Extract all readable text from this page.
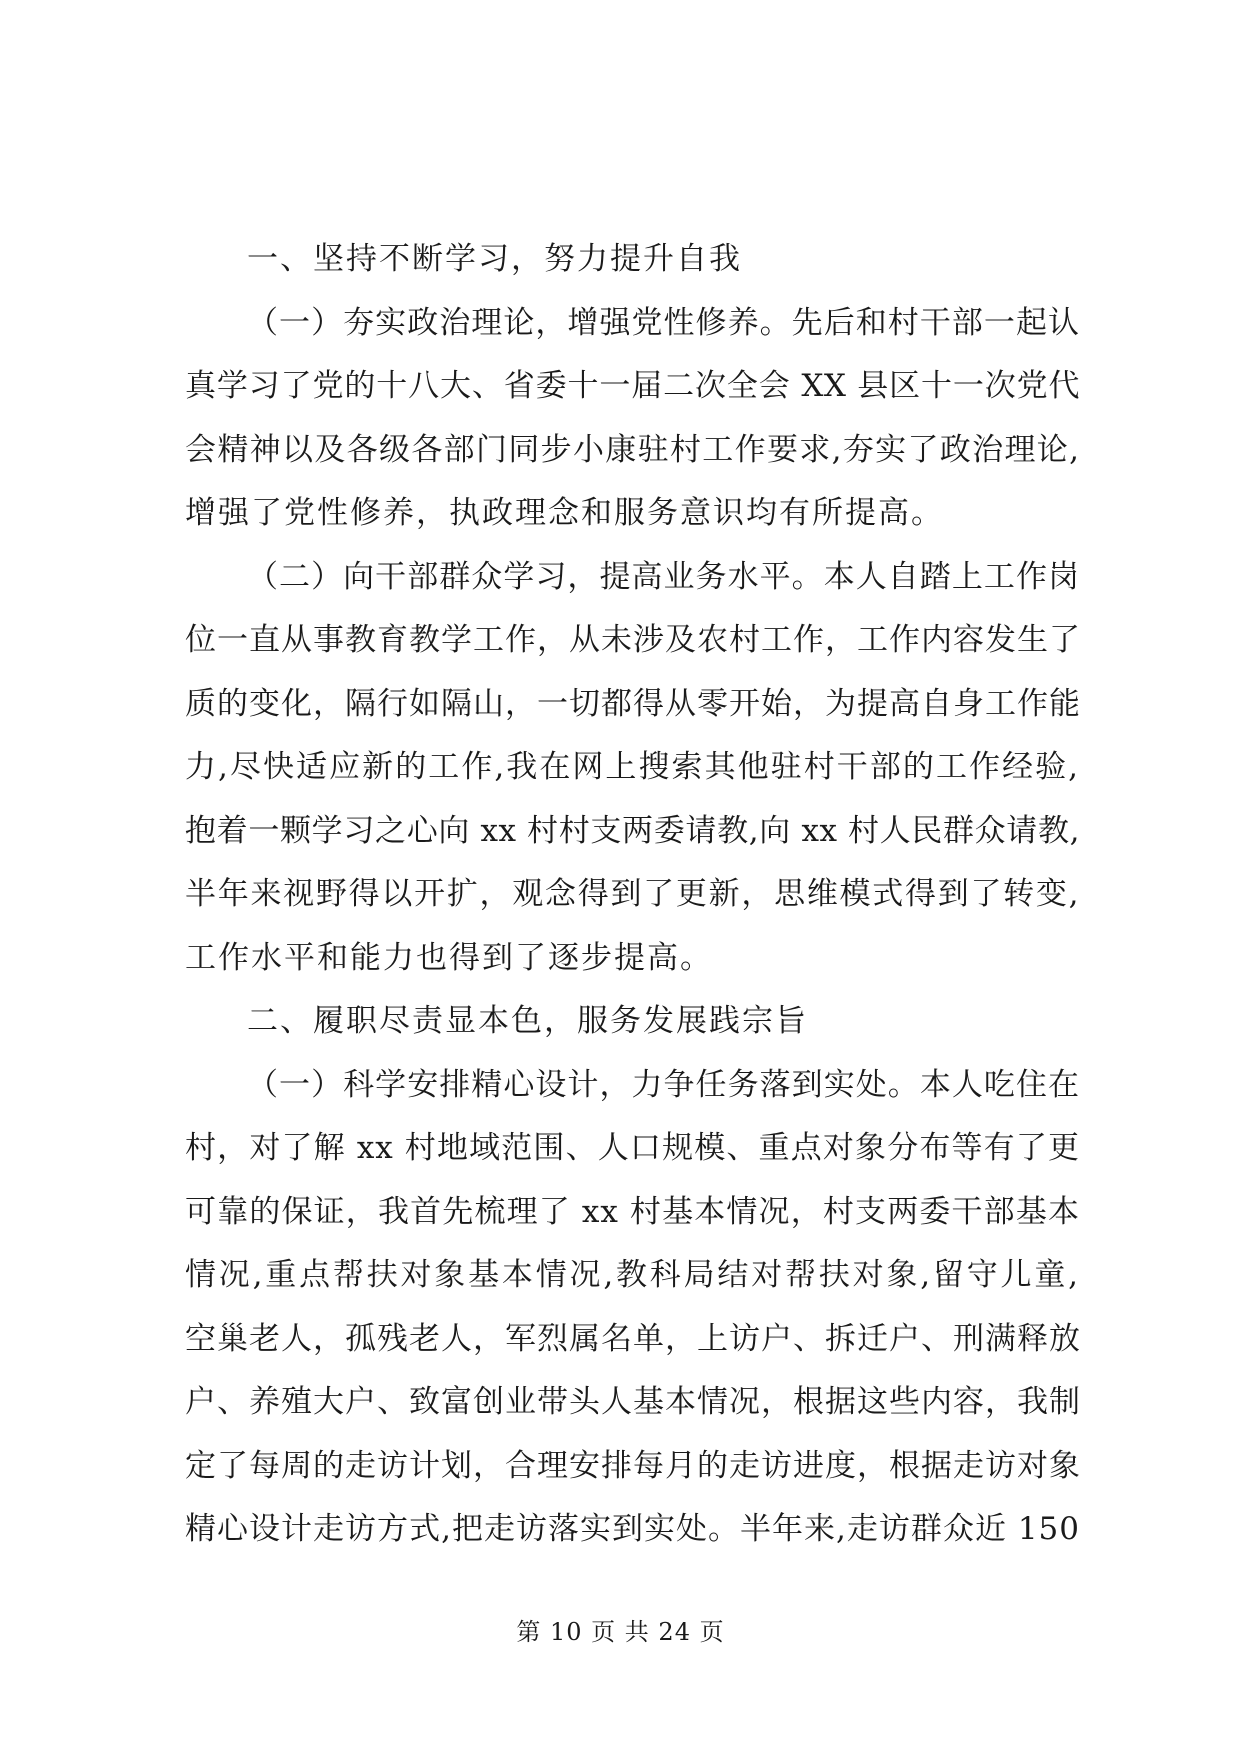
一、坚持不断学习，努力提升自我
（一）夯实政治理论，增强党性修养。先后和村干部一起认
真学习了党的十八大、省委十一届二次全会 XX 县区十一次党代
会精神以及各级各部门同步小康驻村工作要求,夯实了政治理论,
增强了党性修养，执政理念和服务意识均有所提高。
（二）向干部群众学习，提高业务水平。本人自踏上工作岗
位一直从事教育教学工作，从未涉及农村工作，工作内容发生了
质的变化，隔行如隔山，一切都得从零开始，为提高自身工作能
力,尽快适应新的工作,我在网上搜索其他驻村干部的工作经验,
抱着一颗学习之心向 xx 村村支两委请教,向 xx 村人民群众请教,
半年来视野得以开扩，观念得到了更新，思维模式得到了转变,
工作水平和能力也得到了逐步提高。
二、履职尽责显本色，服务发展践宗旨
（一）科学安排精心设计，力争任务落到实处。本人吃住在
村，对了解 xx 村地域范围、人口规模、重点对象分布等有了更
可靠的保证，我首先梳理了 xx 村基本情况，村支两委干部基本
情况,重点帮扶对象基本情况,教科局结对帮扶对象,留守儿童,
空巢老人，孤残老人，军烈属名单，上访户、拆迁户、刑满释放
户、养殖大户、致富创业带头人基本情况，根据这些内容，我制
定了每周的走访计划，合理安排每月的走访进度，根据走访对象
精心设计走访方式,把走访落实到实处。半年来,走访群众近 150
第 10 页 共 24 页
